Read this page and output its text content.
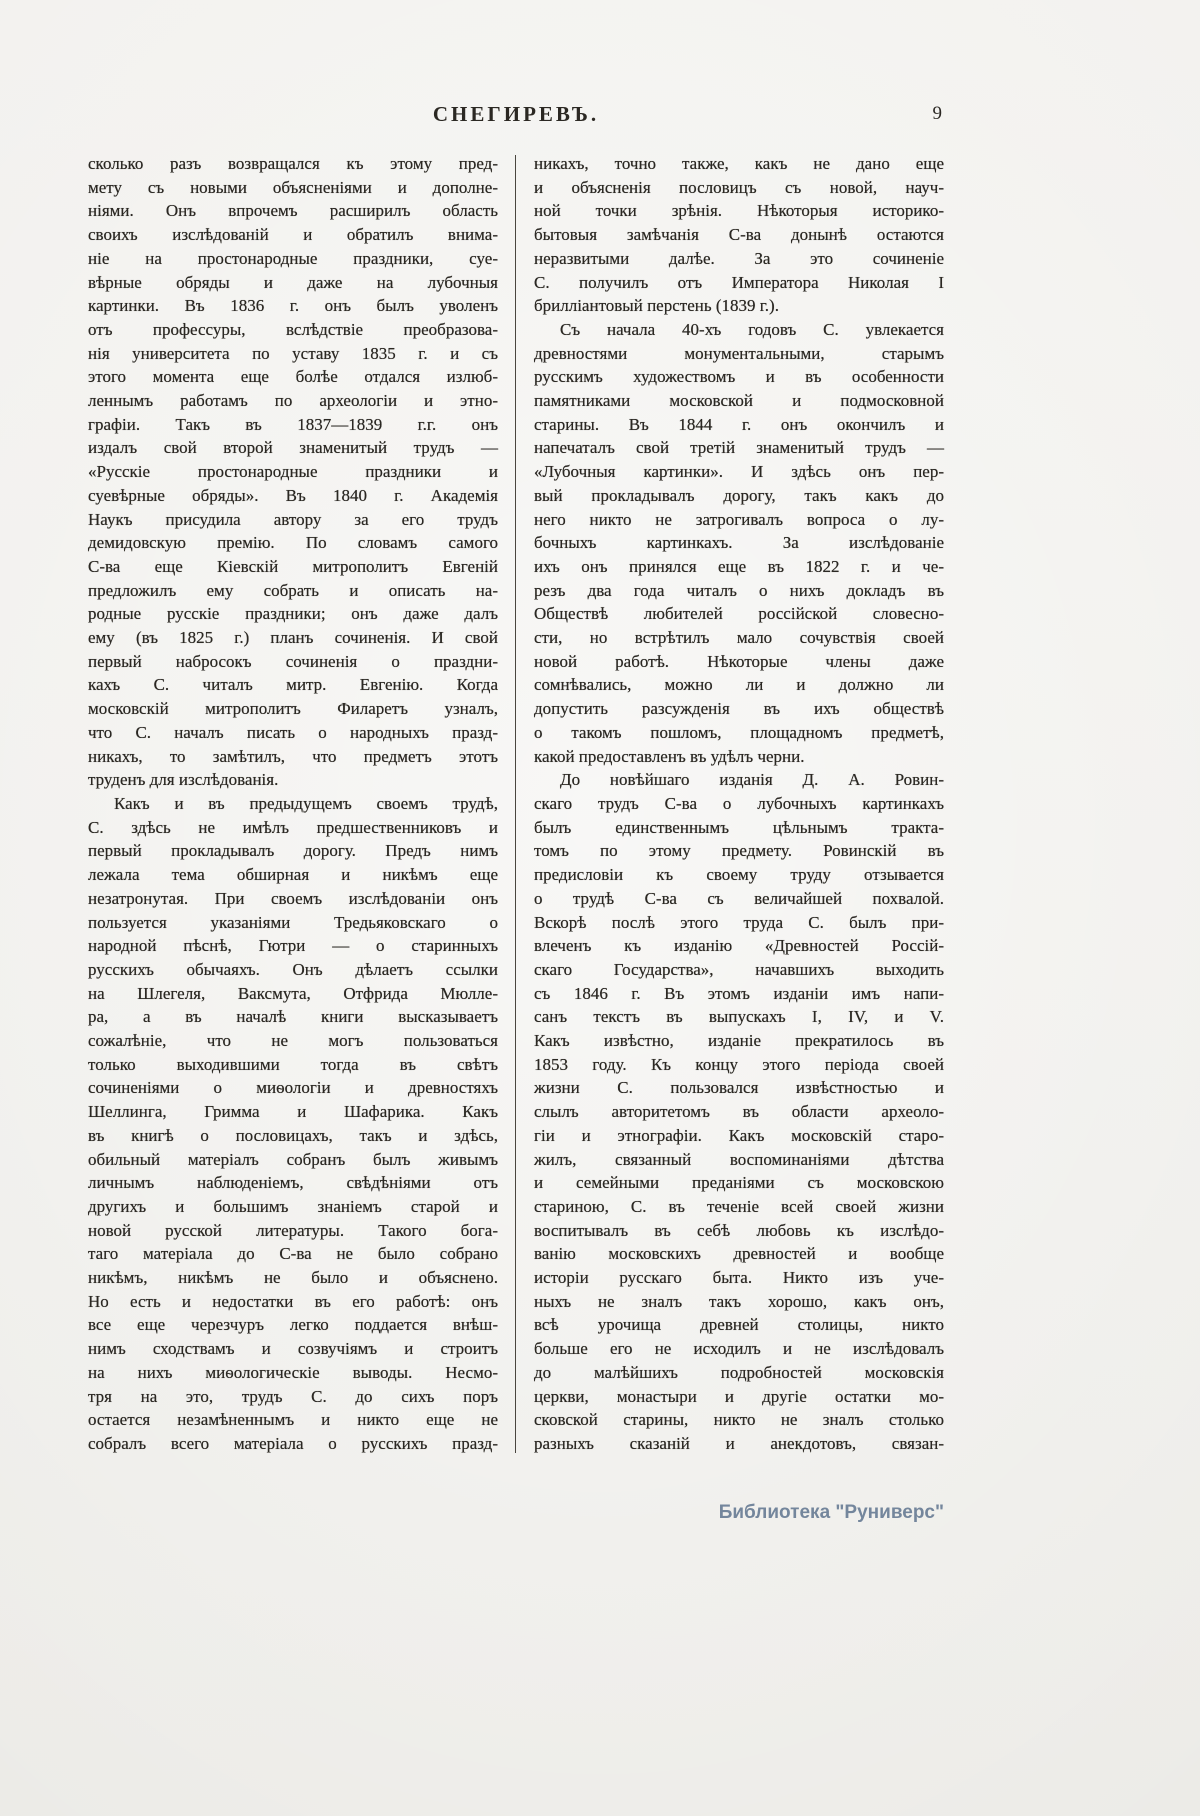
СНЕГИРЕВЪ.	9
сколько разъ возвращался къ этому пред-
мету съ новыми объясненіями и дополне-
ніями. Онъ впрочемъ расширилъ область
своихъ изслѣдованій и обратилъ внима-
ніе на простонародные праздники, суе-
вѣрные обряды и даже на лубочныя
картинки. Въ 1836 г. онъ былъ уволенъ
отъ профессуры, вслѣдствіе преобразова-
нія университета по уставу 1835 г. и съ
этого момента еще болѣе отдался излюб-
леннымъ работамъ по археологіи и этно-
графіи. Такъ въ 1837—1839 г.г. онъ
издалъ свой второй знаменитый трудъ —
«Русскіе простонародные праздники и
суевѣрные обряды». Въ 1840 г. Академія
Наукъ присудила автору за его трудъ
демидовскую премію. По словамъ самого
С-ва еще Кіевскій митрополитъ Евгеній
предложилъ ему собрать и описать на-
родные русскіе праздники; онъ даже далъ
ему (въ 1825 г.) планъ сочиненія. И свой
первый набросокъ сочиненія о праздни-
кахъ С. читалъ митр. Евгенію. Когда
московскій митрополитъ Филаретъ узналъ,
что С. началъ писать о народныхъ празд-
никахъ, то замѣтилъ, что предметъ этотъ
труденъ для изслѣдованія.
Какъ и въ предыдущемъ своемъ трудѣ,
С. здѣсь не имѣлъ предшественниковъ и
первый прокладывалъ дорогу. Предъ нимъ
лежала тема обширная и никѣмъ еще
незатронутая. При своемъ изслѣдованіи онъ
пользуется указаніями Тредьяковскаго о
народной пѣснѣ, Гютри — о старинныхъ
русскихъ обычаяхъ. Онъ дѣлаетъ ссылки
на Шлегеля, Ваксмута, Отфрида Мюлле-
ра, а въ началѣ книги высказываетъ
сожалѣніе, что не могъ пользоваться
только выходившими тогда въ свѣтъ
сочиненіями о миѳологіи и древностяхъ
Шеллинга, Гримма и Шафарика. Какъ
въ книгѣ о пословицахъ, такъ и здѣсь,
обильный матеріалъ собранъ былъ живымъ
личнымъ наблюденіемъ, свѣдѣніями отъ
другихъ и большимъ знаніемъ старой и
новой русской литературы. Такого бога-
таго матеріала до С-ва не было собрано
никѣмъ, никѣмъ не было и объяснено.
Но есть и недостатки въ его работѣ: онъ
все еще черезчуръ легко поддается внѣш-
нимъ сходствамъ и созвучіямъ и строитъ
на нихъ миѳологическіе выводы. Несмо-
тря на это, трудъ С. до сихъ поръ
остается незамѣненнымъ и никто еще не
собралъ всего матеріала о русскихъ празд-
никахъ, точно также, какъ не дано еще
и объясненія пословицъ съ новой, науч-
ной точки зрѣнія. Нѣкоторыя историко-
бытовыя замѣчанія С-ва донынѣ остаются
неразвитыми далѣе. За это сочиненіе
С. получилъ отъ Императора Николая I
брилліантовый перстень (1839 г.).
Съ начала 40-хъ годовъ С. увлекается
древностями монументальными, старымъ
русскимъ художествомъ и въ особенности
памятниками московской и подмосковной
старины. Въ 1844 г. онъ окончилъ и
напечаталъ свой третій знаменитый трудъ —
«Лубочныя картинки». И здѣсь онъ пер-
вый прокладывалъ дорогу, такъ какъ до
него никто не затрогивалъ вопроса о лу-
бочныхъ картинкахъ. За изслѣдованіе
ихъ онъ принялся еще въ 1822 г. и че-
резъ два года читалъ о нихъ докладъ въ
Обществѣ любителей россійской словесно-
сти, но встрѣтилъ мало сочувствія своей
новой работѣ. Нѣкоторые члены даже
сомнѣвались, можно ли и должно ли
допустить разсужденія въ ихъ обществѣ
о такомъ пошломъ, площадномъ предметѣ,
какой предоставленъ въ удѣлъ черни.
До новѣйшаго изданія Д. А. Ровин-
скаго трудъ С-ва о лубочныхъ картинкахъ
былъ единственнымъ цѣльнымъ тракта-
томъ по этому предмету. Ровинскій въ
предисловіи къ своему труду отзывается
о трудѣ С-ва съ величайшей похвалой.
Вскорѣ послѣ этого труда С. былъ при-
влеченъ къ изданію «Древностей Россій-
скаго Государства», начавшихъ выходить
съ 1846 г. Въ этомъ изданіи имъ напи-
санъ текстъ въ выпускахъ I, IV, и V.
Какъ извѣстно, изданіе прекратилось въ
1853 году. Къ концу этого періода своей
жизни С. пользовался извѣстностью и
слылъ авторитетомъ въ области археоло-
гіи и этнографіи. Какъ московскій старо-
жилъ, связанный воспоминаніями дѣтства
и семейными преданіями съ московскою
стариною, С. въ теченіе всей своей жизни
воспитывалъ въ себѣ любовь къ изслѣдо-
ванію московскихъ древностей и вообще
исторіи русскаго быта. Никто изъ уче-
ныхъ не зналъ такъ хорошо, какъ онъ,
всѣ урочища древней столицы, никто
больше его не исходилъ и не изслѣдовалъ
до малѣйшихъ подробностей московскія
церкви, монастыри и другіе остатки мо-
сковской старины, никто не зналъ столько
разныхъ сказаній и анекдотовъ, связан-
Библиотека "Руниверс"
